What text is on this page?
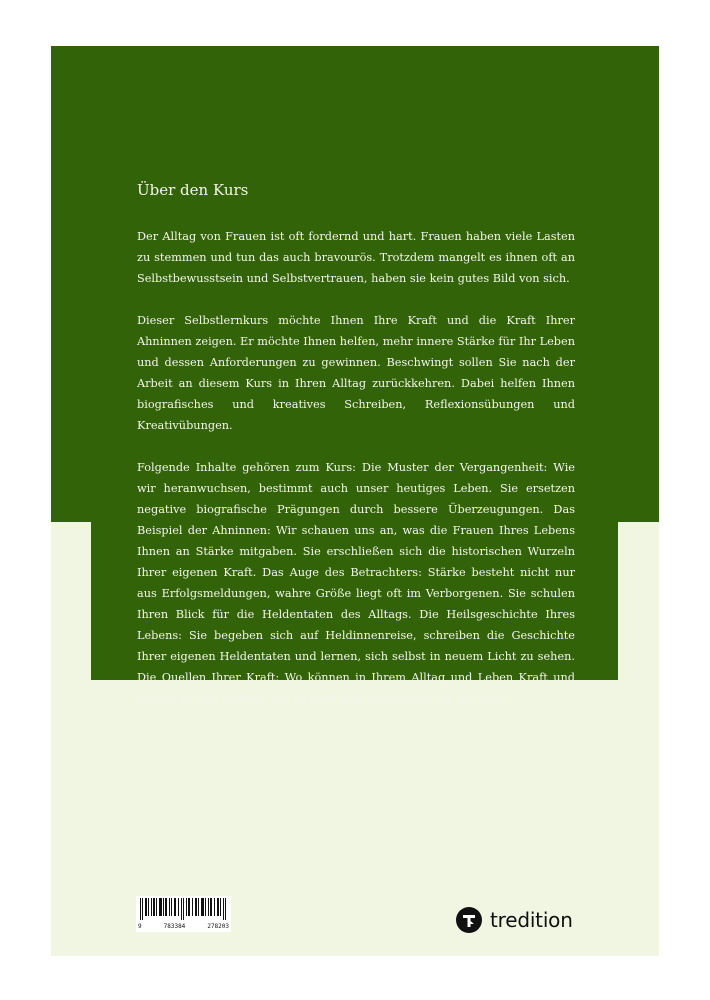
Über den Kurs

Der Alltag von Frauen ist oft fordernd und hart. Frauen haben viele Lasten zu stemmen und tun das auch bravourös. Trotzdem mangelt es ihnen oft an Selbstbewusstsein und Selbstvertrauen, haben sie kein gutes Bild von sich.

Dieser Selbstlernkurs möchte Ihnen Ihre Kraft und die Kraft Ihrer Ahninnen zeigen. Er möchte Ihnen helfen, mehr innere Stärke für Ihr Leben und dessen Anforderungen zu gewinnen. Beschwingt sollen Sie nach der Arbeit an diesem Kurs in Ihren Alltag zurückkehren. Dabei helfen Ihnen biografisches und kreatives Schreiben, Reflexionsübungen und Kreativübungen.

Folgende Inhalte gehören zum Kurs: Die Muster der Vergangenheit: Wie wir heranwuchsen, bestimmt auch unser heutiges Leben. Sie ersetzen negative biografische Prägungen durch bessere Überzeugungen. Das Beispiel der Ahninnen: Wir schauen uns an, was die Frauen Ihres Lebens Ihnen an Stärke mitgaben. Sie erschließen sich die historischen Wurzeln Ihrer eigenen Kraft. Das Auge des Betrachters: Stärke besteht nicht nur aus Erfolgsmeldungen, wahre Größe liegt oft im Verborgenen. Sie schulen Ihren Blick für die Heldentaten des Alltags. Die Heilsgeschichte Ihres Lebens: Sie begeben sich auf Heldinnenreise, schreiben die Geschichte Ihrer eigenen Heldentaten und lernen, sich selbst in neuem Licht zu sehen. Die Quellen Ihrer Kraft: Wo können in Ihrem Alltag und Leben Kraft und Stärke auf Sie warten? Sie sichern sich Tankstellen für die Seele.

9	783384	278203	tredition
